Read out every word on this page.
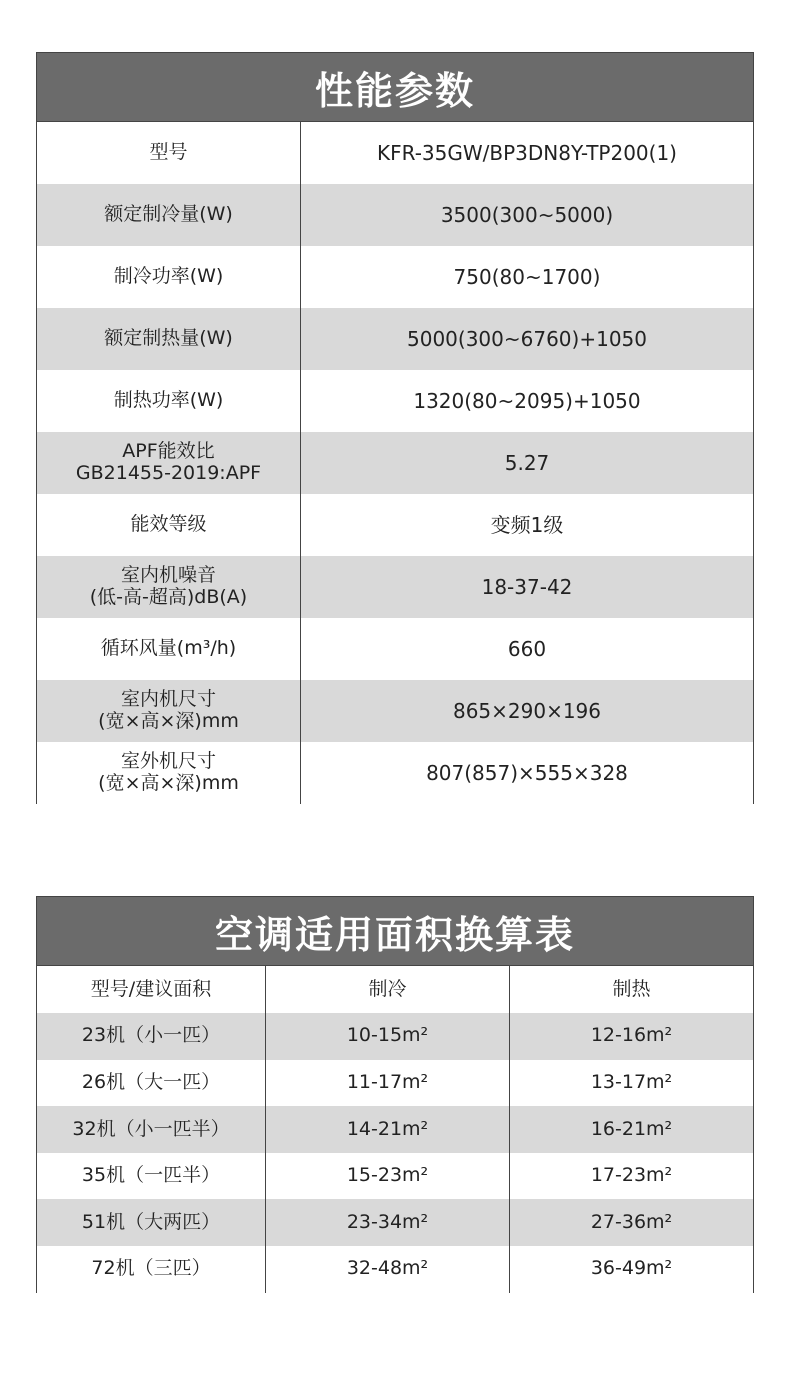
性能参数
型号	KFR-35GW/BP3DN8Y-TP200(1)
额定制冷量(W)	3500(300~5000)
制冷功率(W)	750(80~1700)
额定制热量(W)	5000(300~6760)+1050
制热功率(W)	1320(80~2095)+1050
APF能效比
GB21455-2019:APF	5.27
能效等级	变频1级
室内机噪音
(低-高-超高)dB(A)	18-37-42
循环风量(m³/h)	660
室内机尺寸
(宽×高×深)mm	865×290×196
室外机尺寸
(宽×高×深)mm	807(857)×555×328
空调适用面积换算表
型号/建议面积	制冷	制热
23机（小一匹）	10-15m²	12-16m²
26机（大一匹）	11-17m²	13-17m²
32机（小一匹半）	14-21m²	16-21m²
35机（一匹半）	15-23m²	17-23m²
51机（大两匹）	23-34m²	27-36m²
72机（三匹）	32-48m²	36-49m²
